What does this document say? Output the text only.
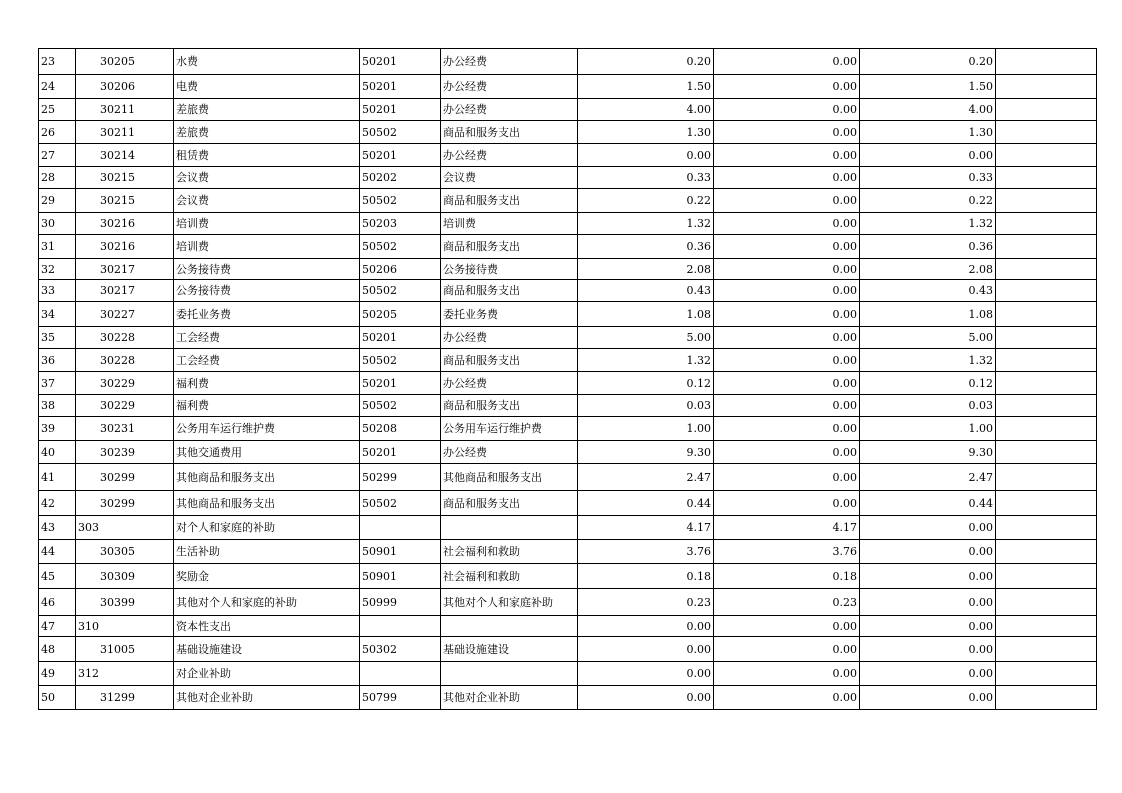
23	30205	水费	50201	办公经费	0.20	0.00	0.20	
24	30206	电费	50201	办公经费	1.50	0.00	1.50	
25	30211	差旅费	50201	办公经费	4.00	0.00	4.00	
26	30211	差旅费	50502	商品和服务支出	1.30	0.00	1.30	
27	30214	租赁费	50201	办公经费	0.00	0.00	0.00	
28	30215	会议费	50202	会议费	0.33	0.00	0.33	
29	30215	会议费	50502	商品和服务支出	0.22	0.00	0.22	
30	30216	培训费	50203	培训费	1.32	0.00	1.32	
31	30216	培训费	50502	商品和服务支出	0.36	0.00	0.36	
32	30217	公务接待费	50206	公务接待费	2.08	0.00	2.08	
33	30217	公务接待费	50502	商品和服务支出	0.43	0.00	0.43	
34	30227	委托业务费	50205	委托业务费	1.08	0.00	1.08	
35	30228	工会经费	50201	办公经费	5.00	0.00	5.00	
36	30228	工会经费	50502	商品和服务支出	1.32	0.00	1.32	
37	30229	福利费	50201	办公经费	0.12	0.00	0.12	
38	30229	福利费	50502	商品和服务支出	0.03	0.00	0.03	
39	30231	公务用车运行维护费	50208	公务用车运行维护费	1.00	0.00	1.00	
40	30239	其他交通费用	50201	办公经费	9.30	0.00	9.30	
41	30299	其他商品和服务支出	50299	其他商品和服务支出	2.47	0.00	2.47	
42	30299	其他商品和服务支出	50502	商品和服务支出	0.44	0.00	0.44	
43	303	对个人和家庭的补助			4.17	4.17	0.00	
44	30305	生活补助	50901	社会福利和救助	3.76	3.76	0.00	
45	30309	奖励金	50901	社会福利和救助	0.18	0.18	0.00	
46	30399	其他对个人和家庭的补助	50999	其他对个人和家庭补助	0.23	0.23	0.00	
47	310	资本性支出			0.00	0.00	0.00	
48	31005	基础设施建设	50302	基础设施建设	0.00	0.00	0.00	
49	312	对企业补助			0.00	0.00	0.00	
50	31299	其他对企业补助	50799	其他对企业补助	0.00	0.00	0.00	
